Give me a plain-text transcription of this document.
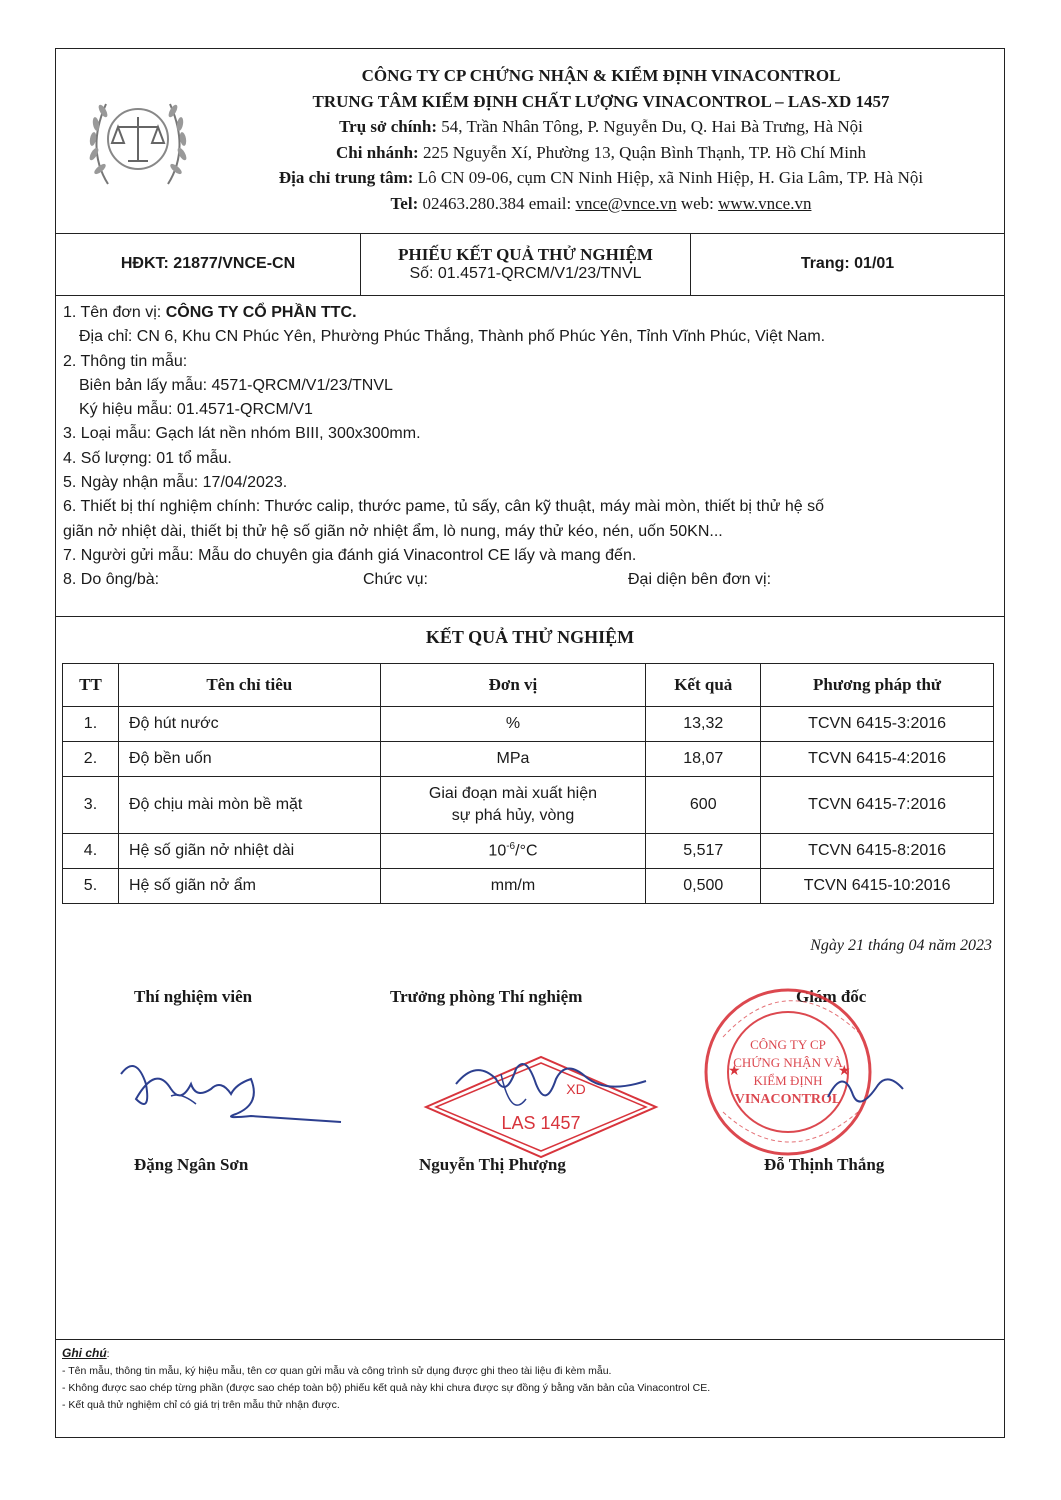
CÔNG TY CP CHỨNG NHẬN & KIỂM ĐỊNH VINACONTROL
TRUNG TÂM KIỂM ĐỊNH CHẤT LƯỢNG VINACONTROL – LAS-XD 1457
Trụ sở chính: 54, Trần Nhân Tông, P. Nguyễn Du, Q. Hai Bà Trưng, Hà Nội
Chi nhánh: 225 Nguyễn Xí, Phường 13, Quận Bình Thạnh, TP. Hồ Chí Minh
Địa chỉ trung tâm: Lô CN 09-06, cụm CN Ninh Hiệp, xã Ninh Hiệp, H. Gia Lâm, TP. Hà Nội
Tel: 02463.280.384 email: vnce@vnce.vn web: www.vnce.vn
HĐKT: 21877/VNCE-CN	PHIẾU KẾT QUẢ THỬ NGHIỆM
Số: 01.4571-QRCM/V1/23/TNVL
Trang: 01/01
1. Tên đơn vị: CÔNG TY CỔ PHẦN TTC.
Địa chỉ: CN 6, Khu CN Phúc Yên, Phường Phúc Thắng, Thành phố Phúc Yên, Tỉnh Vĩnh Phúc, Việt Nam.
2. Thông tin mẫu:
Biên bản lấy mẫu: 4571-QRCM/V1/23/TNVL
Ký hiệu mẫu: 01.4571-QRCM/V1
3. Loại mẫu: Gạch lát nền nhóm BIII, 300x300mm.
4. Số lượng: 01 tổ mẫu.
5. Ngày nhận mẫu: 17/04/2023.
6. Thiết bị thí nghiệm chính: Thước calip, thước pame, tủ sấy, cân kỹ thuật, máy mài mòn, thiết bị thử hệ số
giãn nở nhiệt dài, thiết bị thử hệ số giãn nở nhiệt ẩm, lò nung, máy thử kéo, nén, uốn 50KN...
7. Người gửi mẫu: Mẫu do chuyên gia đánh giá Vinacontrol CE lấy và mang đến.
8. Do ông/bà:	Chức vụ:	Đại diện bên đơn vị:
KẾT QUẢ THỬ NGHIỆM
TT	Tên chỉ tiêu	Đơn vị	Kết quả	Phương pháp thử
1.	Độ hút nước	%	13,32	TCVN 6415-3:2016
2.	Độ bền uốn	MPa	18,07	TCVN 6415-4:2016
3.	Độ chịu mài mòn bề mặt	Giai đoạn mài xuất hiện
sự phá hủy, vòng	600	TCVN 6415-7:2016
4.	Hệ số giãn nở nhiệt dài	$10^{-6}/^\circ C$	5,517	TCVN 6415-8:2016
5.	Hệ số giãn nở ẩm	mm/m	0,500	TCVN 6415-10:2016
Ngày 21 tháng 04 năm 2023
Thí nghiệm viên	Trưởng phòng Thí nghiệm	Giám đốc
LAS 1457
XD
CÔNG TY CP
CHỨNG NHẬN VÀ
KIỂM ĐỊNH
VINACONTROL
★	★
Đặng Ngân Sơn	Nguyễn Thị Phượng	Đỗ Thịnh Thắng
Ghi chú:
- Tên mẫu, thông tin mẫu, ký hiệu mẫu, tên cơ quan gửi mẫu và công trình sử dụng được ghi theo tài liệu đi kèm mẫu.
- Không được sao chép từng phần (được sao chép toàn bộ) phiếu kết quả này khi chưa được sự đồng ý bằng văn bản của Vinacontrol CE.
- Kết quả thử nghiệm chỉ có giá trị trên mẫu thử nhận được.
